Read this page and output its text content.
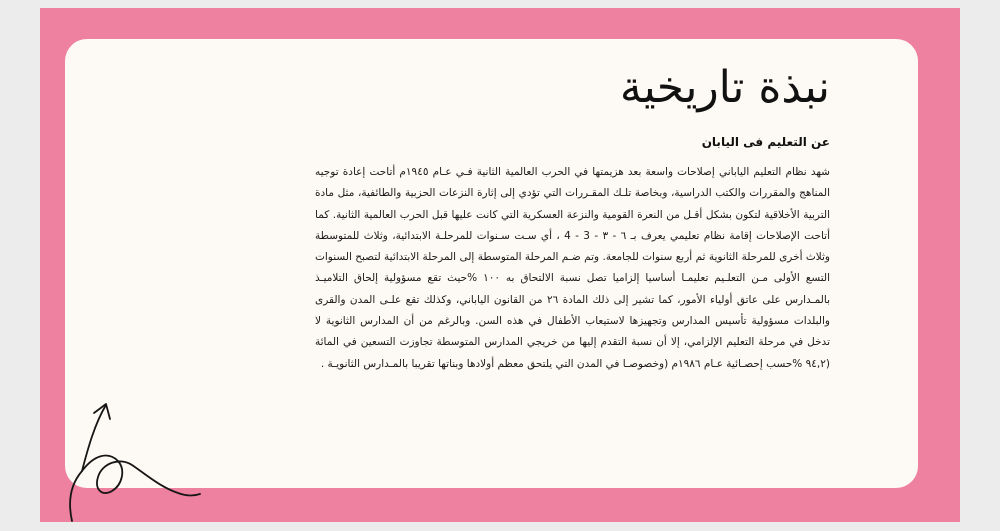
نبذة تاريخية
عن التعليم فى اليابان

شهد نظام التعليم الياباني إصلاحات واسعة بعد هزيمتها في الحرب العالمية الثانية فـي عـام ١٩٤٥م أتاحت إعادة توجيه المناهج والمقررات والكتب الدراسية، وبخاصة تلـك المقـررات التي تؤدي إلى إثارة النزعات الحزبية والطائفية، مثل مادة التربية الأخلاقية لتكون بشكل أقـل من النعرة القومية والنزعة العسكرية التي كانت عليها قبل الحرب العالمية الثانية. كما أتاحت الإصلاحات إقامة نظام تعليمي يعرف بـ ٦ - ٣ - 3 - 4 ، أي سـت سـنوات للمرحلـة الابتدائية، وثلاث للمتوسطة وثلاث أخرى للمرحلة الثانوية ثم أربع سنوات للجامعة. وتم ضـم المرحلة المتوسطة إلى المرحلة الابتدائية لتصبح السنوات التسع الأولى مـن التعلـيم تعليمـا أساسيا إلزاميا تصل نسبة الالتحاق به ١٠٠ %حيث تقع مسؤولية إلحاق التلاميـذ بالمـدارس على عاتق أولياء الأمور، كما تشير إلى ذلك المادة ٢٦ من القانون الياباني، وكذلك تقع علـى المدن والقرى والبلدات مسؤولية تأسيس المدارس وتجهيزها لاستيعاب الأطفال في هذه السن. وبالرغم من أن المدارس الثانوية لا تدخل في مرحلة التعليم الإلزامي، إلا أن نسبة التقدم إليها من خريجي المدارس المتوسطة تجاوزت التسعين في المائة (٩٤,٢ %حسب إحصـائية عـام ١٩٨٦م (وخصوصـا في المدن التي يلتحق معظم أولادها وبناتها تقريبا بالمـدارس الثانويـة .
